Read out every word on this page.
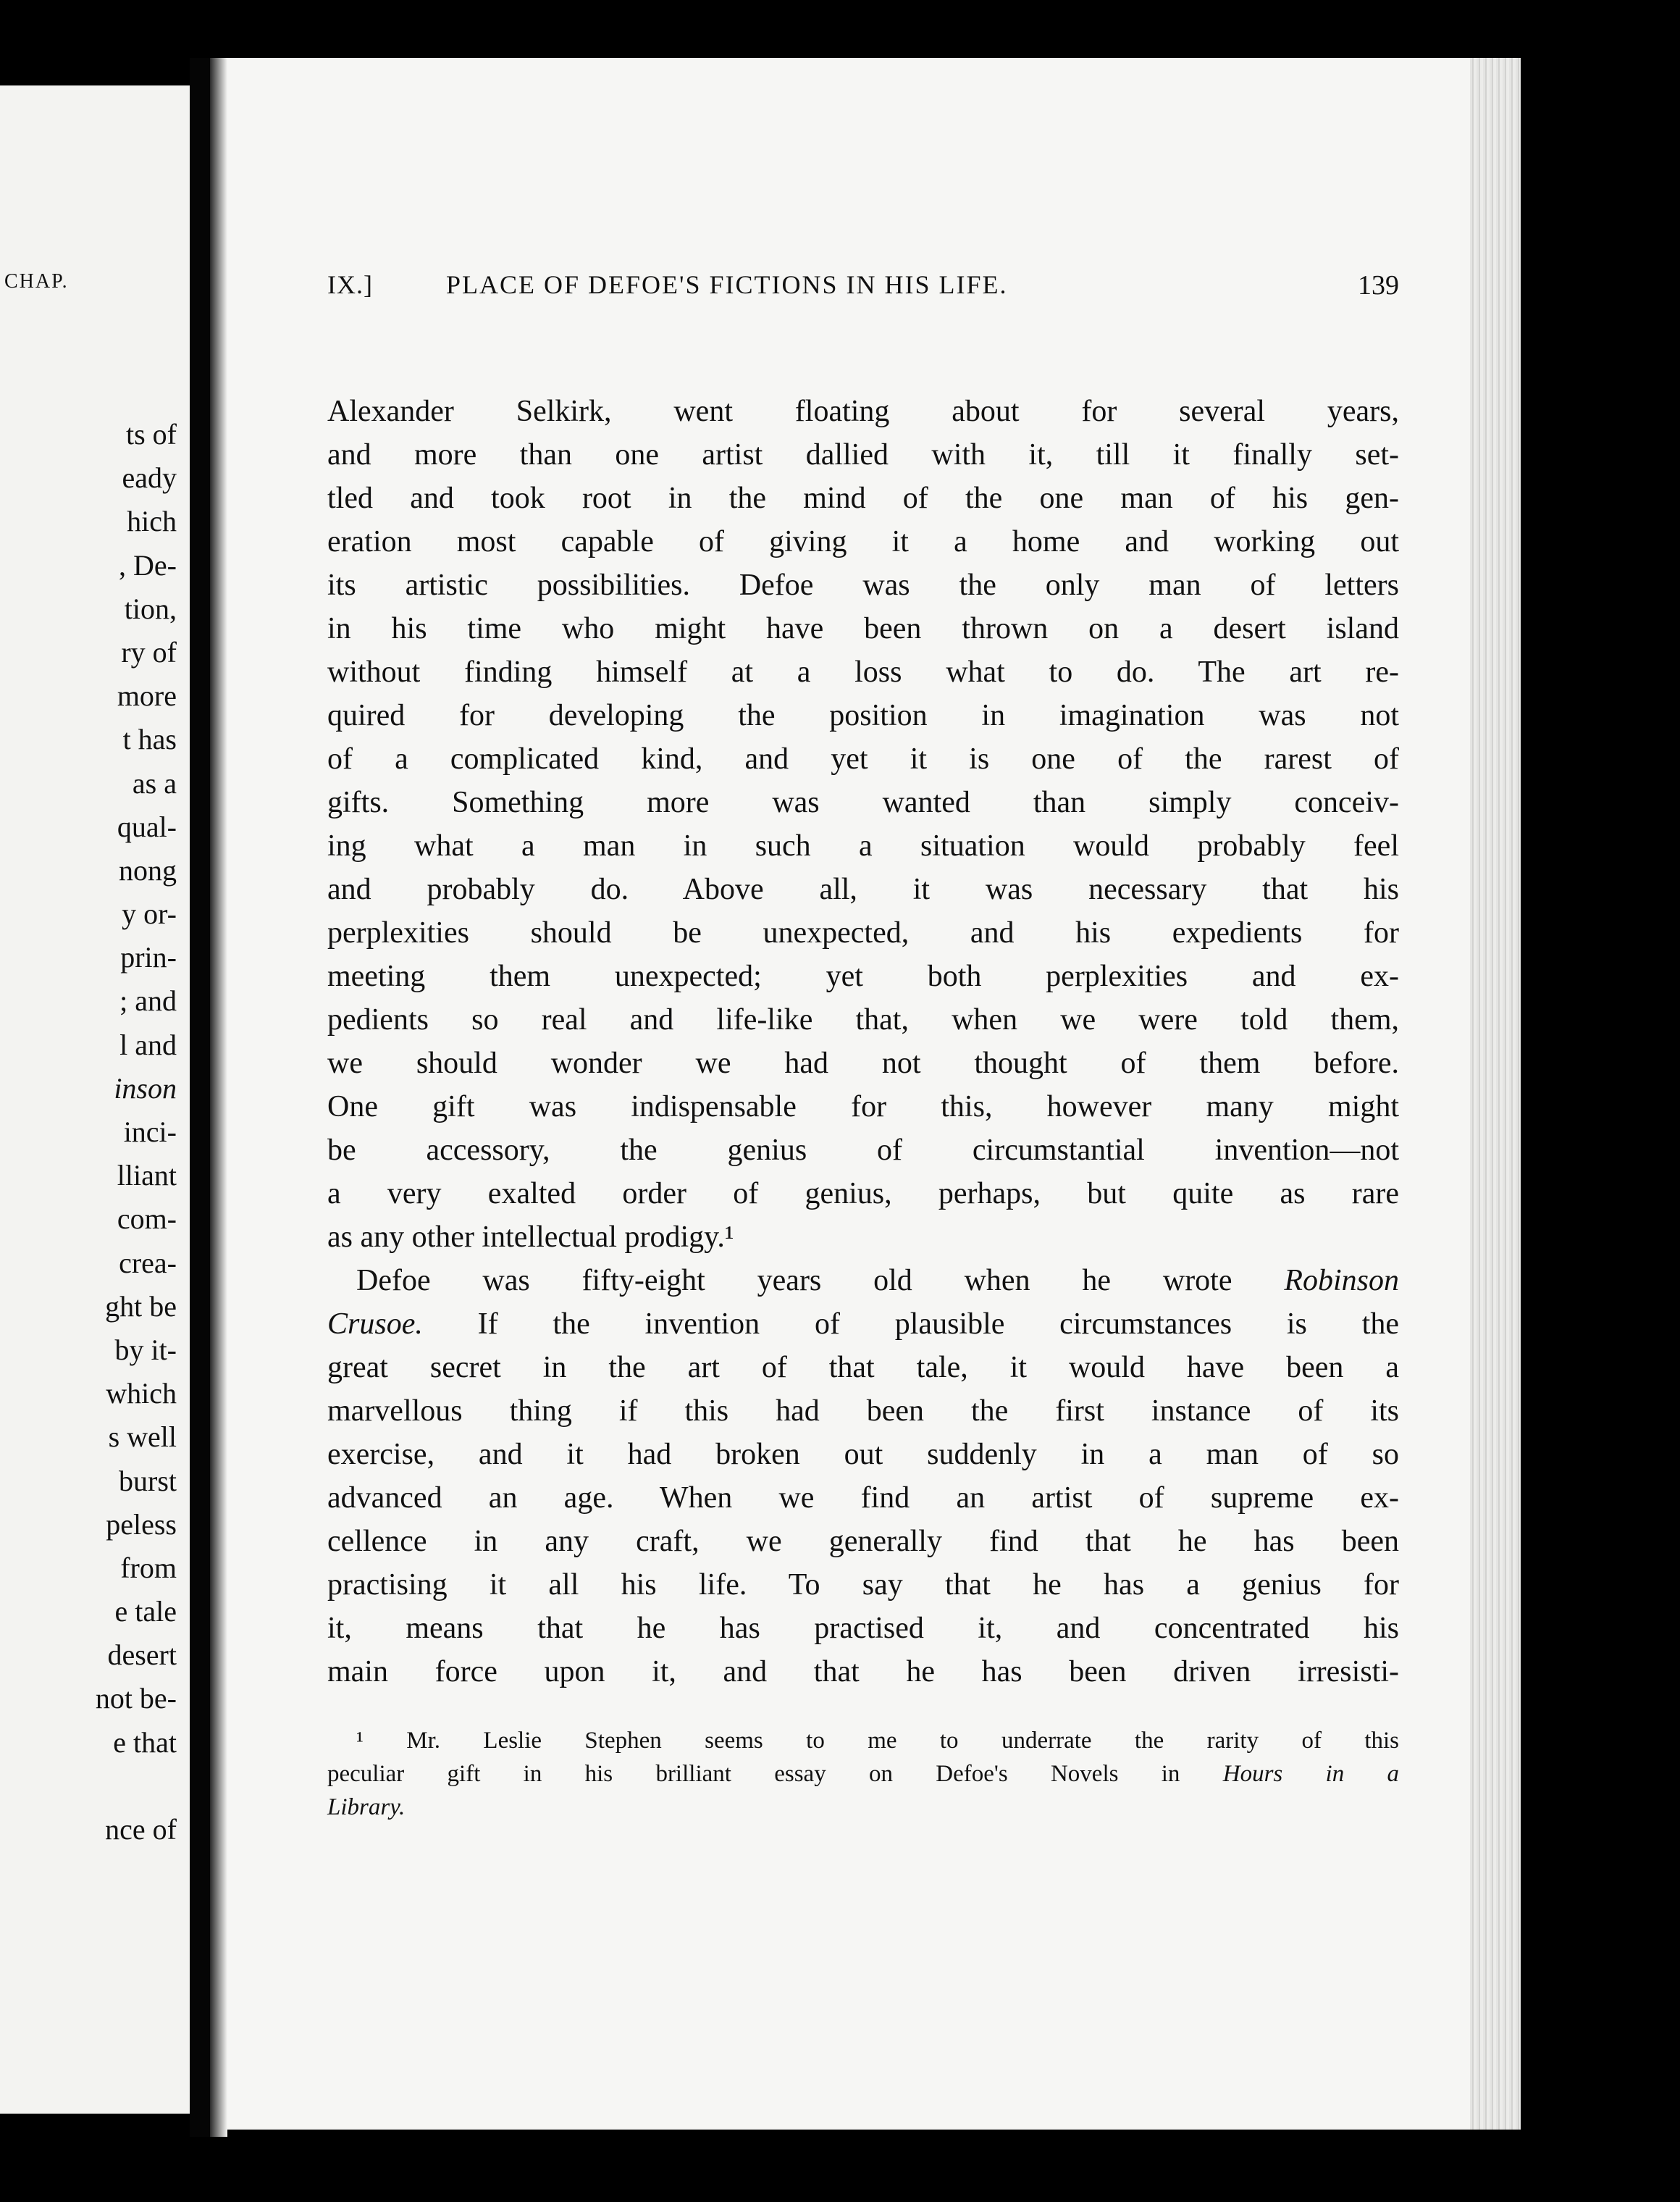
CHAP.
ts of
eady
hich
, De-
tion,
ry of
more
t has
as a
qual-
nong
y or-
prin-
; and
l and
inson
inci-
lliant
com-
crea-
ght be
by it-
which
s well
burst
peless
from
e tale
desert
not be-
e that
nce of
IX.]	PLACE OF DEFOE'S FICTIONS IN HIS LIFE.	139
Alexander Selkirk, went floating about for several years,
and more than one artist dallied with it, till it finally set-
tled and took root in the mind of the one man of his gen-
eration most capable of giving it a home and working out
its artistic possibilities. Defoe was the only man of letters
in his time who might have been thrown on a desert island
without finding himself at a loss what to do. The art re-
quired for developing the position in imagination was not
of a complicated kind, and yet it is one of the rarest of
gifts. Something more was wanted than simply conceiv-
ing what a man in such a situation would probably feel
and probably do. Above all, it was necessary that his
perplexities should be unexpected, and his expedients for
meeting them unexpected; yet both perplexities and ex-
pedients so real and life-like that, when we were told them,
we should wonder we had not thought of them before.
One gift was indispensable for this, however many might
be accessory, the genius of circumstantial invention—not
a very exalted order of genius, perhaps, but quite as rare
as any other intellectual prodigy.¹
Defoe was fifty-eight years old when he wrote Robinson
Crusoe. If the invention of plausible circumstances is the
great secret in the art of that tale, it would have been a
marvellous thing if this had been the first instance of its
exercise, and it had broken out suddenly in a man of so
advanced an age. When we find an artist of supreme ex-
cellence in any craft, we generally find that he has been
practising it all his life. To say that he has a genius for
it, means that he has practised it, and concentrated his
main force upon it, and that he has been driven irresisti-
¹ Mr. Leslie Stephen seems to me to underrate the rarity of this
peculiar gift in his brilliant essay on Defoe's Novels in Hours in a
Library.
